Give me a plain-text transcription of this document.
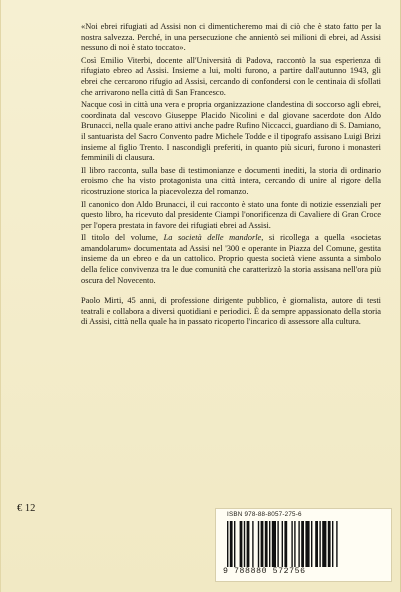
«Noi ebrei rifugiati ad Assisi non ci dimenticheremo mai di ciò che è stato fatto per la nostra salvezza. Perché, in una persecuzione che annientò sei milioni di ebrei, ad Assisi nessuno di noi è stato toccato».

Così Emilio Viterbi, docente all'Università di Padova, raccontò la sua esperienza di rifugiato ebreo ad Assisi. Insieme a lui, molti furono, a partire dall'autunno 1943, gli ebrei che cercarono rifugio ad Assisi, cercando di confondersi con le centinaia di sfollati che arrivarono nella città di San Francesco.

Nacque così in città una vera e propria organizzazione clandestina di soccorso agli ebrei, coordinata dal vescovo Giuseppe Placido Nicolini e dal giovane sacerdote don Aldo Brunacci, nella quale erano attivi anche padre Rufino Niccacci, guardiano di S. Damiano, il santuarista del Sacro Convento padre Michele Todde e il tipografo assisano Luigi Brizi insieme al figlio Trento. I nascondigli preferiti, in quanto più sicuri, furono i monasteri femminili di clausura.

Il libro racconta, sulla base di testimonianze e documenti inediti, la storia di ordinario eroismo che ha visto protagonista una città intera, cercando di unire al rigore della ricostruzione storica la piacevolezza del romanzo.

Il canonico don Aldo Brunacci, il cui racconto è stato una fonte di notizie essenziali per questo libro, ha ricevuto dal presidente Ciampi l'onorificenza di Cavaliere di Gran Croce per l'opera prestata in favore dei rifugiati ebrei ad Assisi.

Il titolo del volume, La società delle mandorle, si ricollega a quella «societas amandolarum» documentata ad Assisi nel '300 e operante in Piazza del Comune, gestita insieme da un ebreo e da un cattolico. Proprio questa società viene assunta a simbolo della felice convivenza tra le due comunità che caratterizzò la storia assisana nell'ora più oscura del Novecento.

Paolo Mirti, 45 anni, di professione dirigente pubblico, è giornalista, autore di testi teatrali e collabora a diversi quotidiani e periodici. È da sempre appassionato della storia di Assisi, città nella quale ha in passato ricoperto l'incarico di assessore alla cultura.

€ 12
ISBN 978-88-8057-275-6
9 788880 572756
